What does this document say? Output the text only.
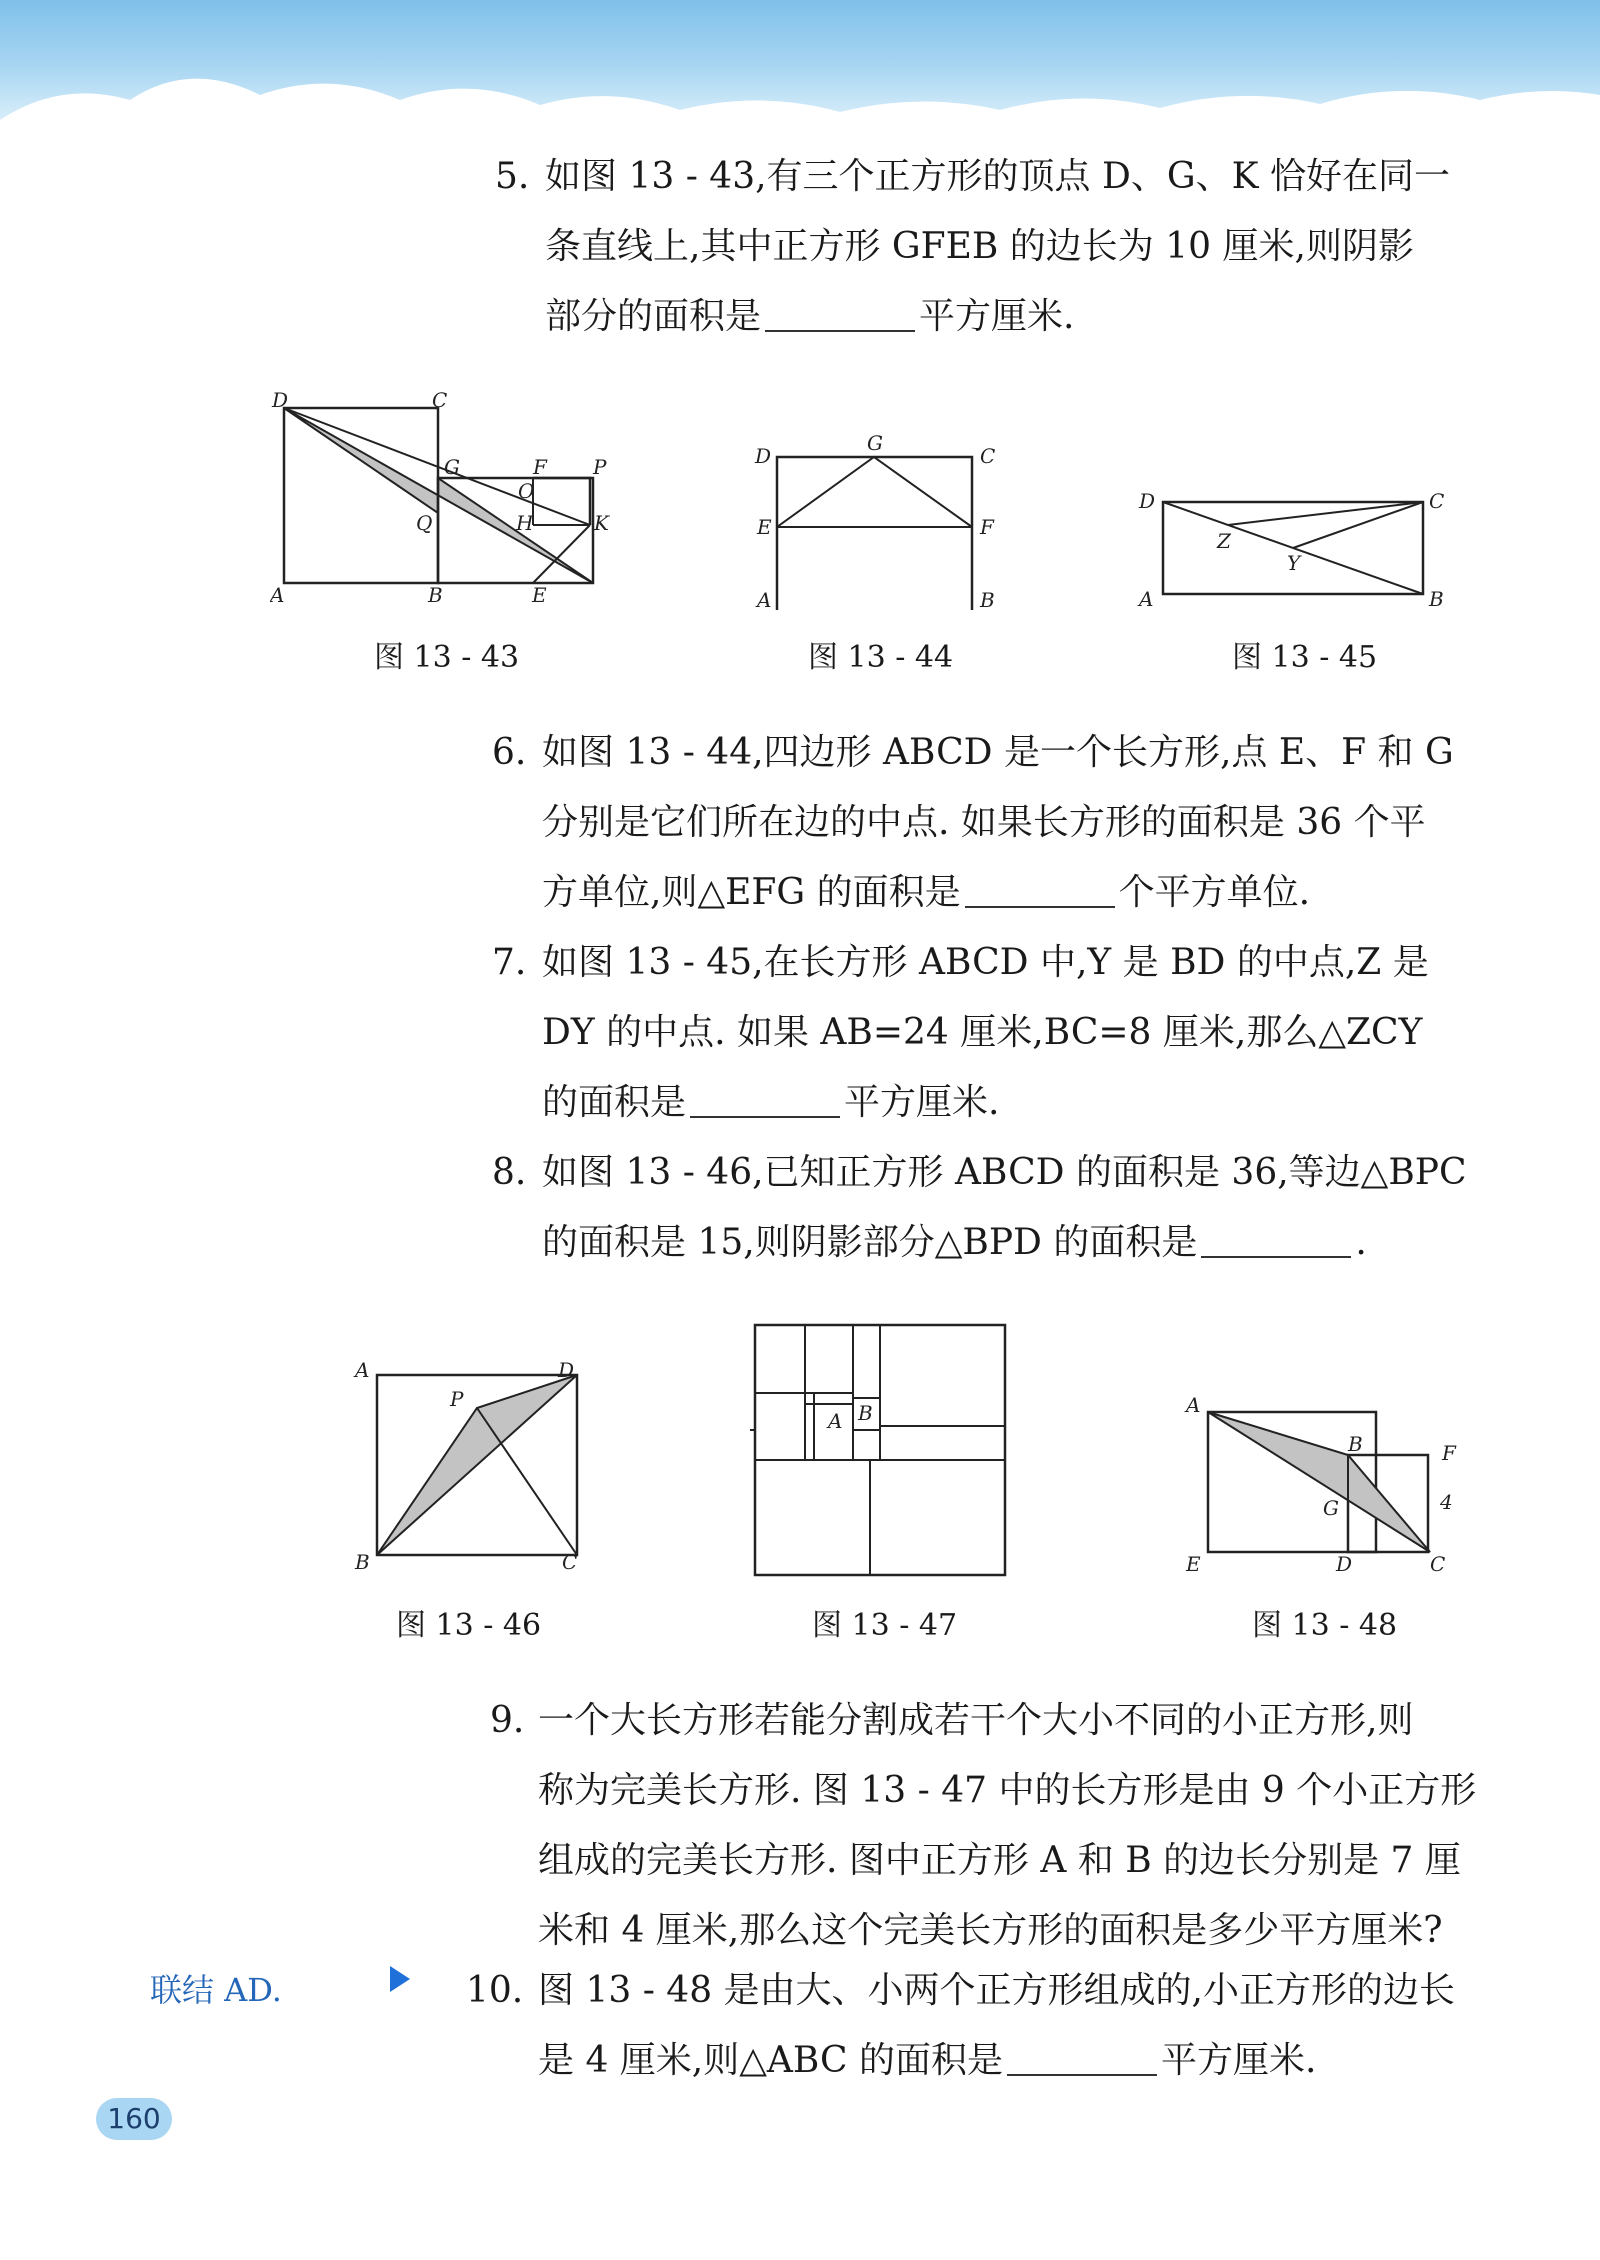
5. 如图 13 - 43,有三个正方形的顶点 D、G、K 恰好在同一
条直线上,其中正方形 GFEB 的边长为 10 厘米,则阴影
部分的面积是	平方厘米.
D	C
G	F P
O
Q	H	K
A	B	E
图 13 - 43
D
G
C
E	F
A	B
图 13 - 44
D	C
Z
Y
A	B
图 13 - 45
6. 如图 13 - 44,四边形 ABCD 是一个长方形,点 E、F 和 G
分别是它们所在边的中点. 如果长方形的面积是 36 个平
方单位,则△EFG 的面积是	个平方单位.
7. 如图 13 - 45,在长方形 ABCD 中,Y 是 BD 的中点,Z 是
DY 的中点. 如果 AB=24 厘米,BC=8 厘米,那么△ZCY
的面积是	平方厘米.
8. 如图 13 - 46,已知正方形 ABCD 的面积是 36,等边△BPC
的面积是 15,则阴影部分△BPD 的面积是	.
A	D
P
B	C
图 13 - 46
A B
图 13 - 47
A
B	F
G	4
E	D	C
图 13 - 48
9. 一个大长方形若能分割成若干个大小不同的小正方形,则
称为完美长方形. 图 13 - 47 中的长方形是由 9 个小正方形
组成的完美长方形. 图中正方形 A 和 B 的边长分别是 7 厘
米和 4 厘米,那么这个完美长方形的面积是多少平方厘米?
联结 AD.	10. 图 13 - 48 是由大、小两个正方形组成的,小正方形的边长
是 4 厘米,则△ABC 的面积是	平方厘米.
160
